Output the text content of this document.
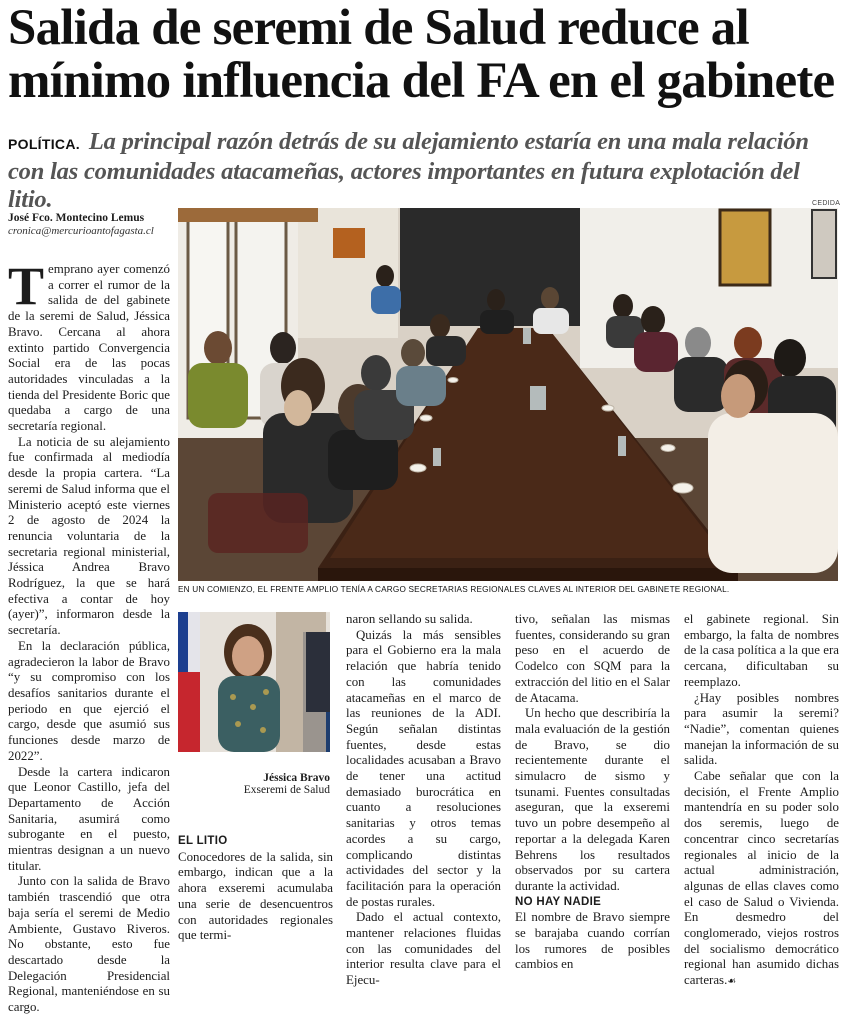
Salida de seremi de Salud reduce al mínimo influencia del FA en el gabinete
POLÍTICA. La principal razón detrás de su alejamiento estaría en una mala relación con las comunidades atacameñas, actores importantes en futura explotación del litio.
José Fco. Montecino Lemus
cronica@mercurioantofagasta.cl
CEDIDA
EN UN COMIENZO, EL FRENTE AMPLIO TENÍA A CARGO SECRETARIAS REGIONALES CLAVES AL INTERIOR DEL GABINETE REGIONAL.
Jéssica Bravo
Exseremi de Salud

Temprano ayer comenzó a correr el rumor de la salida de del gabinete de la seremi de Salud, Jéssica Bravo. Cercana al ahora extinto partido Convergencia Social era de las pocas autoridades vinculadas a la tienda del Presidente Boric que quedaba a cargo de una secretaría regional.

La noticia de su alejamiento fue confirmada al mediodía desde la propia cartera. “La seremi de Salud informa que el Ministerio aceptó este viernes 2 de agosto de 2024 la renuncia voluntaria de la secretaria regional ministerial, Jéssica Andrea Bravo Rodríguez, la que se hará efectiva a contar de hoy (ayer)”, informaron desde la secretaría.

En la declaración pública, agradecieron la labor de Bravo “y su compromiso con los desafíos sanitarios durante el periodo en que ejerció el cargo, desde que asumió sus funciones desde marzo de 2022”.

Desde la cartera indicaron que Leonor Castillo, jefa del Departamento de Acción Sanitaria, asumirá como subrogante en el puesto, mientras designan a un nuevo titular.

Junto con la salida de Bravo también trascendió que otra baja sería el seremi de Medio Ambiente, Gustavo Riveros. No obstante, esto fue descartado desde la Delegación Presidencial Regional, manteniéndose en su cargo.

EL LITIO

Conocedores de la salida, sin embargo, indican que a la ahora exseremi acumulaba una serie de desencuentros con autoridades regionales que termi-

naron sellando su salida.

Quizás la más sensibles para el Gobierno era la mala relación que habría tenido con las comunidades atacameñas en el marco de las reuniones de la ADI. Según señalan distintas fuentes, desde estas localidades acusaban a Bravo de tener una actitud demasiado burocrática en cuanto a resoluciones sanitarias y otros temas acordes a su cargo, complicando distintas actividades del sector y la facilitación para la operación de postas rurales.

Dado el actual contexto, mantener relaciones fluidas con las comunidades del interior resulta clave para el Ejecu-

tivo, señalan las mismas fuentes, considerando su gran peso en el acuerdo de Codelco con SQM para la extracción del litio en el Salar de Atacama.

Un hecho que describiría la mala evaluación de la gestión de Bravo, se dio recientemente durante el simulacro de sismo y tsunami. Fuentes consultadas aseguran, que la exseremi tuvo un pobre desempeño al reportar a la delegada Karen Behrens los resultados observados por su cartera durante la actividad.

NO HAY NADIE

El nombre de Bravo siempre se barajaba cuando corrían los rumores de posibles cambios en

el gabinete regional. Sin embargo, la falta de nombres de la casa política a la que era cercana, dificultaban su reemplazo.

¿Hay posibles nombres para asumir la seremi? “Nadie”, comentan quienes manejan la información de su salida.

Cabe señalar que con la decisión, el Frente Amplio mantendría en su poder solo dos seremis, luego de concentrar cinco secretarías regionales al inicio de la actual administración, algunas de ellas claves como el caso de Salud o Vivienda. En desmedro del conglomerado, viejos rostros del socialismo democrático regional han asumido dichas carteras.☙
